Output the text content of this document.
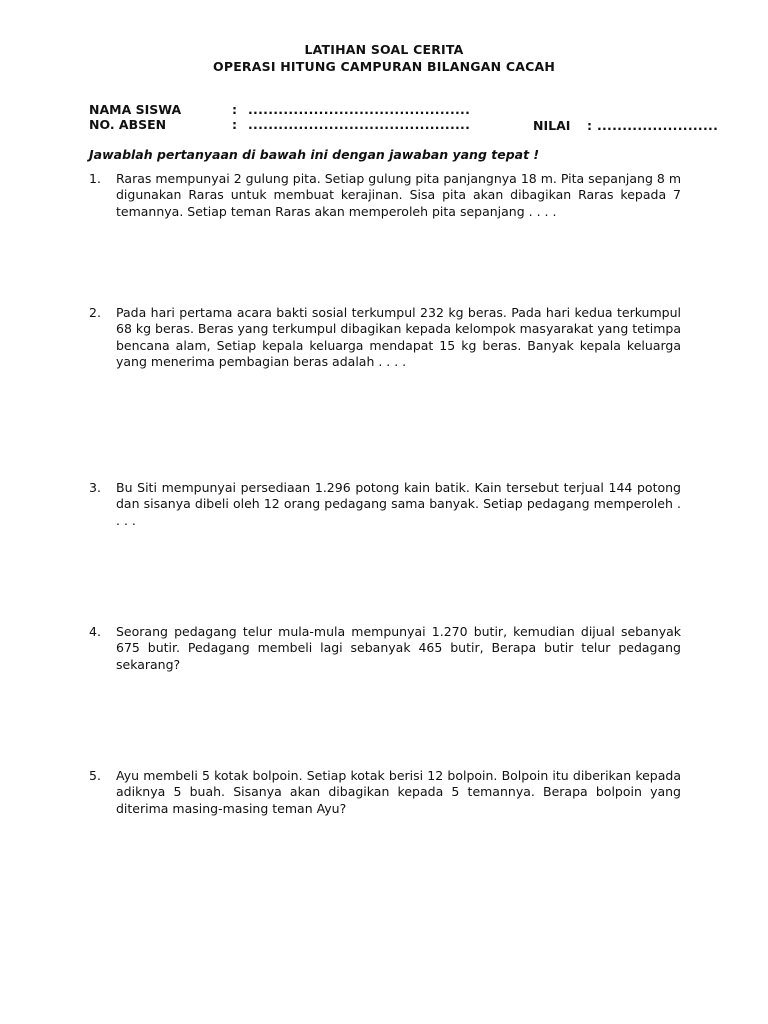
LATIHAN SOAL CERITA
OPERASI HITUNG CAMPURAN BILANGAN CACAH
NAMA SISWA	: ............................................
NO. ABSEN	: ............................................	NILAI : ........................
Jawablah pertanyaan di bawah ini dengan jawaban yang tepat !
1. Raras mempunyai 2 gulung pita. Setiap gulung pita panjangnya 18 m. Pita sepanjang 8 m digunakan Raras untuk membuat kerajinan. Sisa pita akan dibagikan Raras kepada 7 temannya. Setiap teman Raras akan memperoleh pita sepanjang . . . .
2. Pada hari pertama acara bakti sosial terkumpul 232 kg beras. Pada hari kedua terkumpul 68 kg beras. Beras yang terkumpul dibagikan kepada kelompok masyarakat yang tetimpa bencana alam, Setiap kepala keluarga mendapat 15 kg beras. Banyak kepala keluarga yang menerima pembagian beras adalah . . . .
3. Bu Siti mempunyai persediaan 1.296 potong kain batik. Kain tersebut terjual 144 potong dan sisanya dibeli oleh 12 orang pedagang sama banyak. Setiap pedagang memperoleh . . . .
4. Seorang pedagang telur mula-mula mempunyai 1.270 butir, kemudian dijual sebanyak 675 butir. Pedagang membeli lagi sebanyak 465 butir, Berapa butir telur pedagang sekarang?
5. Ayu membeli 5 kotak bolpoin. Setiap kotak berisi 12 bolpoin. Bolpoin itu diberikan kepada adiknya 5 buah. Sisanya akan dibagikan kepada 5 temannya. Berapa bolpoin yang diterima masing-masing teman Ayu?
